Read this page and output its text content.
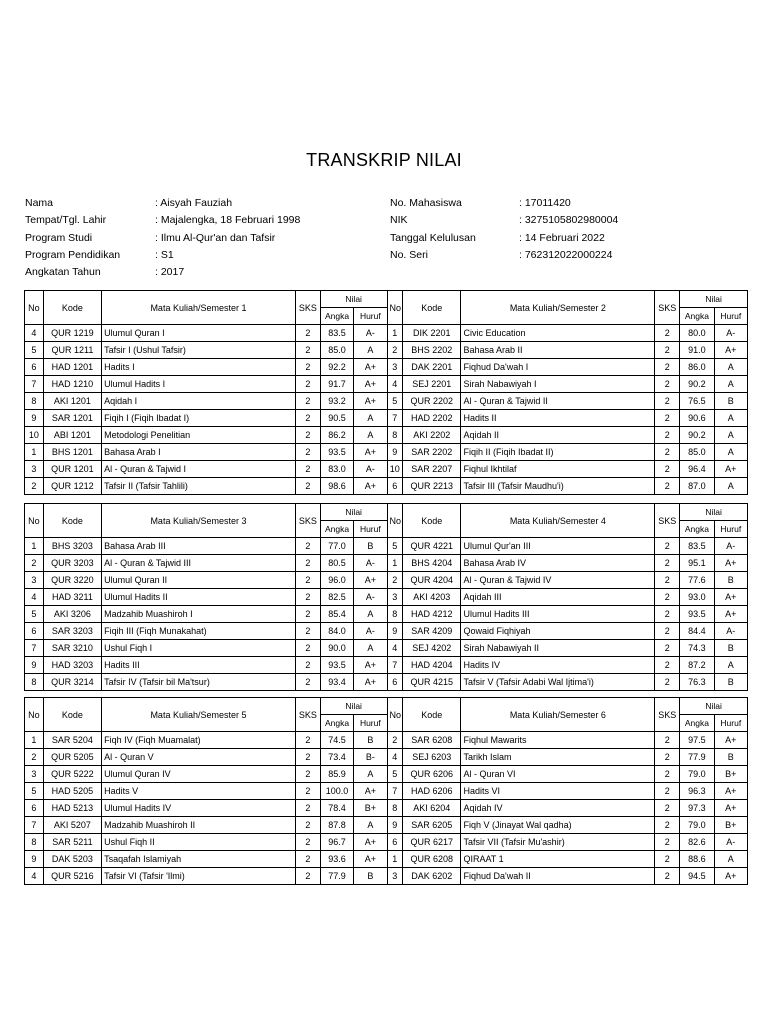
TRANSKRIP NILAI
Nama	: Aisyah Fauziah
Tempat/Tgl. Lahir	: Majalengka, 18 Februari 1998
Program Studi	: Ilmu Al-Qur'an dan Tafsir
Program Pendidikan	: S1
Angkatan Tahun	: 2017
No. Mahasiswa	: 17011420
NIK	: 3275105802980004
Tanggal Kelulusan	: 14 Februari 2022
No. Seri	: 762312022000224
No	Kode	Mata Kuliah/Semester 1	SKS	Nilai		No	Kode	Mata Kuliah/Semester 2	SKS	Nilai	
				Angka	Huruf					Angka	Huruf
4	QUR 1219	Ulumul Quran I	2	83.5	A-	1	DIK 2201	Civic Education	2	80.0	A-
5	QUR 1211	Tafsir I (Ushul Tafsir)	2	85.0	A	2	BHS 2202	Bahasa Arab II	2	91.0	A+
6	HAD 1201	Hadits I	2	92.2	A+	3	DAK 2201	Fiqhud Da'wah I	2	86.0	A
7	HAD 1210	Ulumul Hadits I	2	91.7	A+	4	SEJ 2201	Sirah Nabawiyah I	2	90.2	A
8	AKI 1201	Aqidah I	2	93.2	A+	5	QUR 2202	Al - Quran & Tajwid II	2	76.5	B
9	SAR 1201	Fiqih I (Fiqih Ibadat I)	2	90.5	A	7	HAD 2202	Hadits II	2	90.6	A
10	ABI 1201	Metodologi Penelitian	2	86.2	A	8	AKI 2202	Aqidah II	2	90.2	A
1	BHS 1201	Bahasa Arab I	2	93.5	A+	9	SAR 2202	Fiqih II (Fiqih Ibadat II)	2	85.0	A
3	QUR 1201	Al - Quran & Tajwid I	2	83.0	A-	10	SAR 2207	Fiqhul Ikhtilaf	2	96.4	A+
2	QUR 1212	Tafsir II (Tafsir Tahlili)	2	98.6	A+	6	QUR 2213	Tafsir III (Tafsir Maudhu'i)	2	87.0	A
No	Kode	Mata Kuliah/Semester 3	SKS	Nilai		No	Kode	Mata Kuliah/Semester 4	SKS	Nilai	
				Angka	Huruf					Angka	Huruf
1	BHS 3203	Bahasa Arab III	2	77.0	B	5	QUR 4221	Ulumul Qur'an III	2	83.5	A-
2	QUR 3203	Al - Quran & Tajwid III	2	80.5	A-	1	BHS 4204	Bahasa Arab IV	2	95.1	A+
3	QUR 3220	Ulumul Quran II	2	96.0	A+	2	QUR 4204	Al - Quran & Tajwid IV	2	77.6	B
4	HAD 3211	Ulumul Hadits II	2	82.5	A-	3	AKI 4203	Aqidah III	2	93.0	A+
5	AKI 3206	Madzahib Muashiroh I	2	85.4	A	8	HAD 4212	Ulumul Hadits III	2	93.5	A+
6	SAR 3203	Fiqih III (Fiqh Munakahat)	2	84.0	A-	9	SAR 4209	Qowaid Fiqhiyah	2	84.4	A-
7	SAR 3210	Ushul Fiqh I	2	90.0	A	4	SEJ 4202	Sirah Nabawiyah II	2	74.3	B
9	HAD 3203	Hadits III	2	93.5	A+	7	HAD 4204	Hadits IV	2	87.2	A
8	QUR 3214	Tafsir IV (Tafsir bil Ma'tsur)	2	93.4	A+	6	QUR 4215	Tafsir V (Tafsir Adabi Wal Ijtima'i)	2	76.3	B
No	Kode	Mata Kuliah/Semester 5	SKS	Nilai		No	Kode	Mata Kuliah/Semester 6	SKS	Nilai	
				Angka	Huruf					Angka	Huruf
1	SAR 5204	Fiqh IV (Fiqh Muamalat)	2	74.5	B	2	SAR 6208	Fiqhul Mawarits	2	97.5	A+
2	QUR 5205	Al - Quran V	2	73.4	B-	4	SEJ 6203	Tarikh Islam	2	77.9	B
3	QUR 5222	Ulumul Quran IV	2	85.9	A	5	QUR 6206	Al - Quran VI	2	79.0	B+
5	HAD 5205	Hadits V	2	100.0	A+	7	HAD 6206	Hadits VI	2	96.3	A+
6	HAD 5213	Ulumul Hadits IV	2	78.4	B+	8	AKI 6204	Aqidah IV	2	97.3	A+
7	AKI 5207	Madzahib Muashiroh II	2	87.8	A	9	SAR 6205	Fiqh V (Jinayat Wal qadha)	2	79.0	B+
8	SAR 5211	Ushul Fiqh II	2	96.7	A+	6	QUR 6217	Tafsir VII (Tafsir Mu'ashir)	2	82.6	A-
9	DAK 5203	Tsaqafah Islamiyah	2	93.6	A+	1	QUR 6208	QIRAAT 1	2	88.6	A
4	QUR 5216	Tafsir VI (Tafsir 'Ilmi)	2	77.9	B	3	DAK 6202	Fiqhud Da'wah II	2	94.5	A+
